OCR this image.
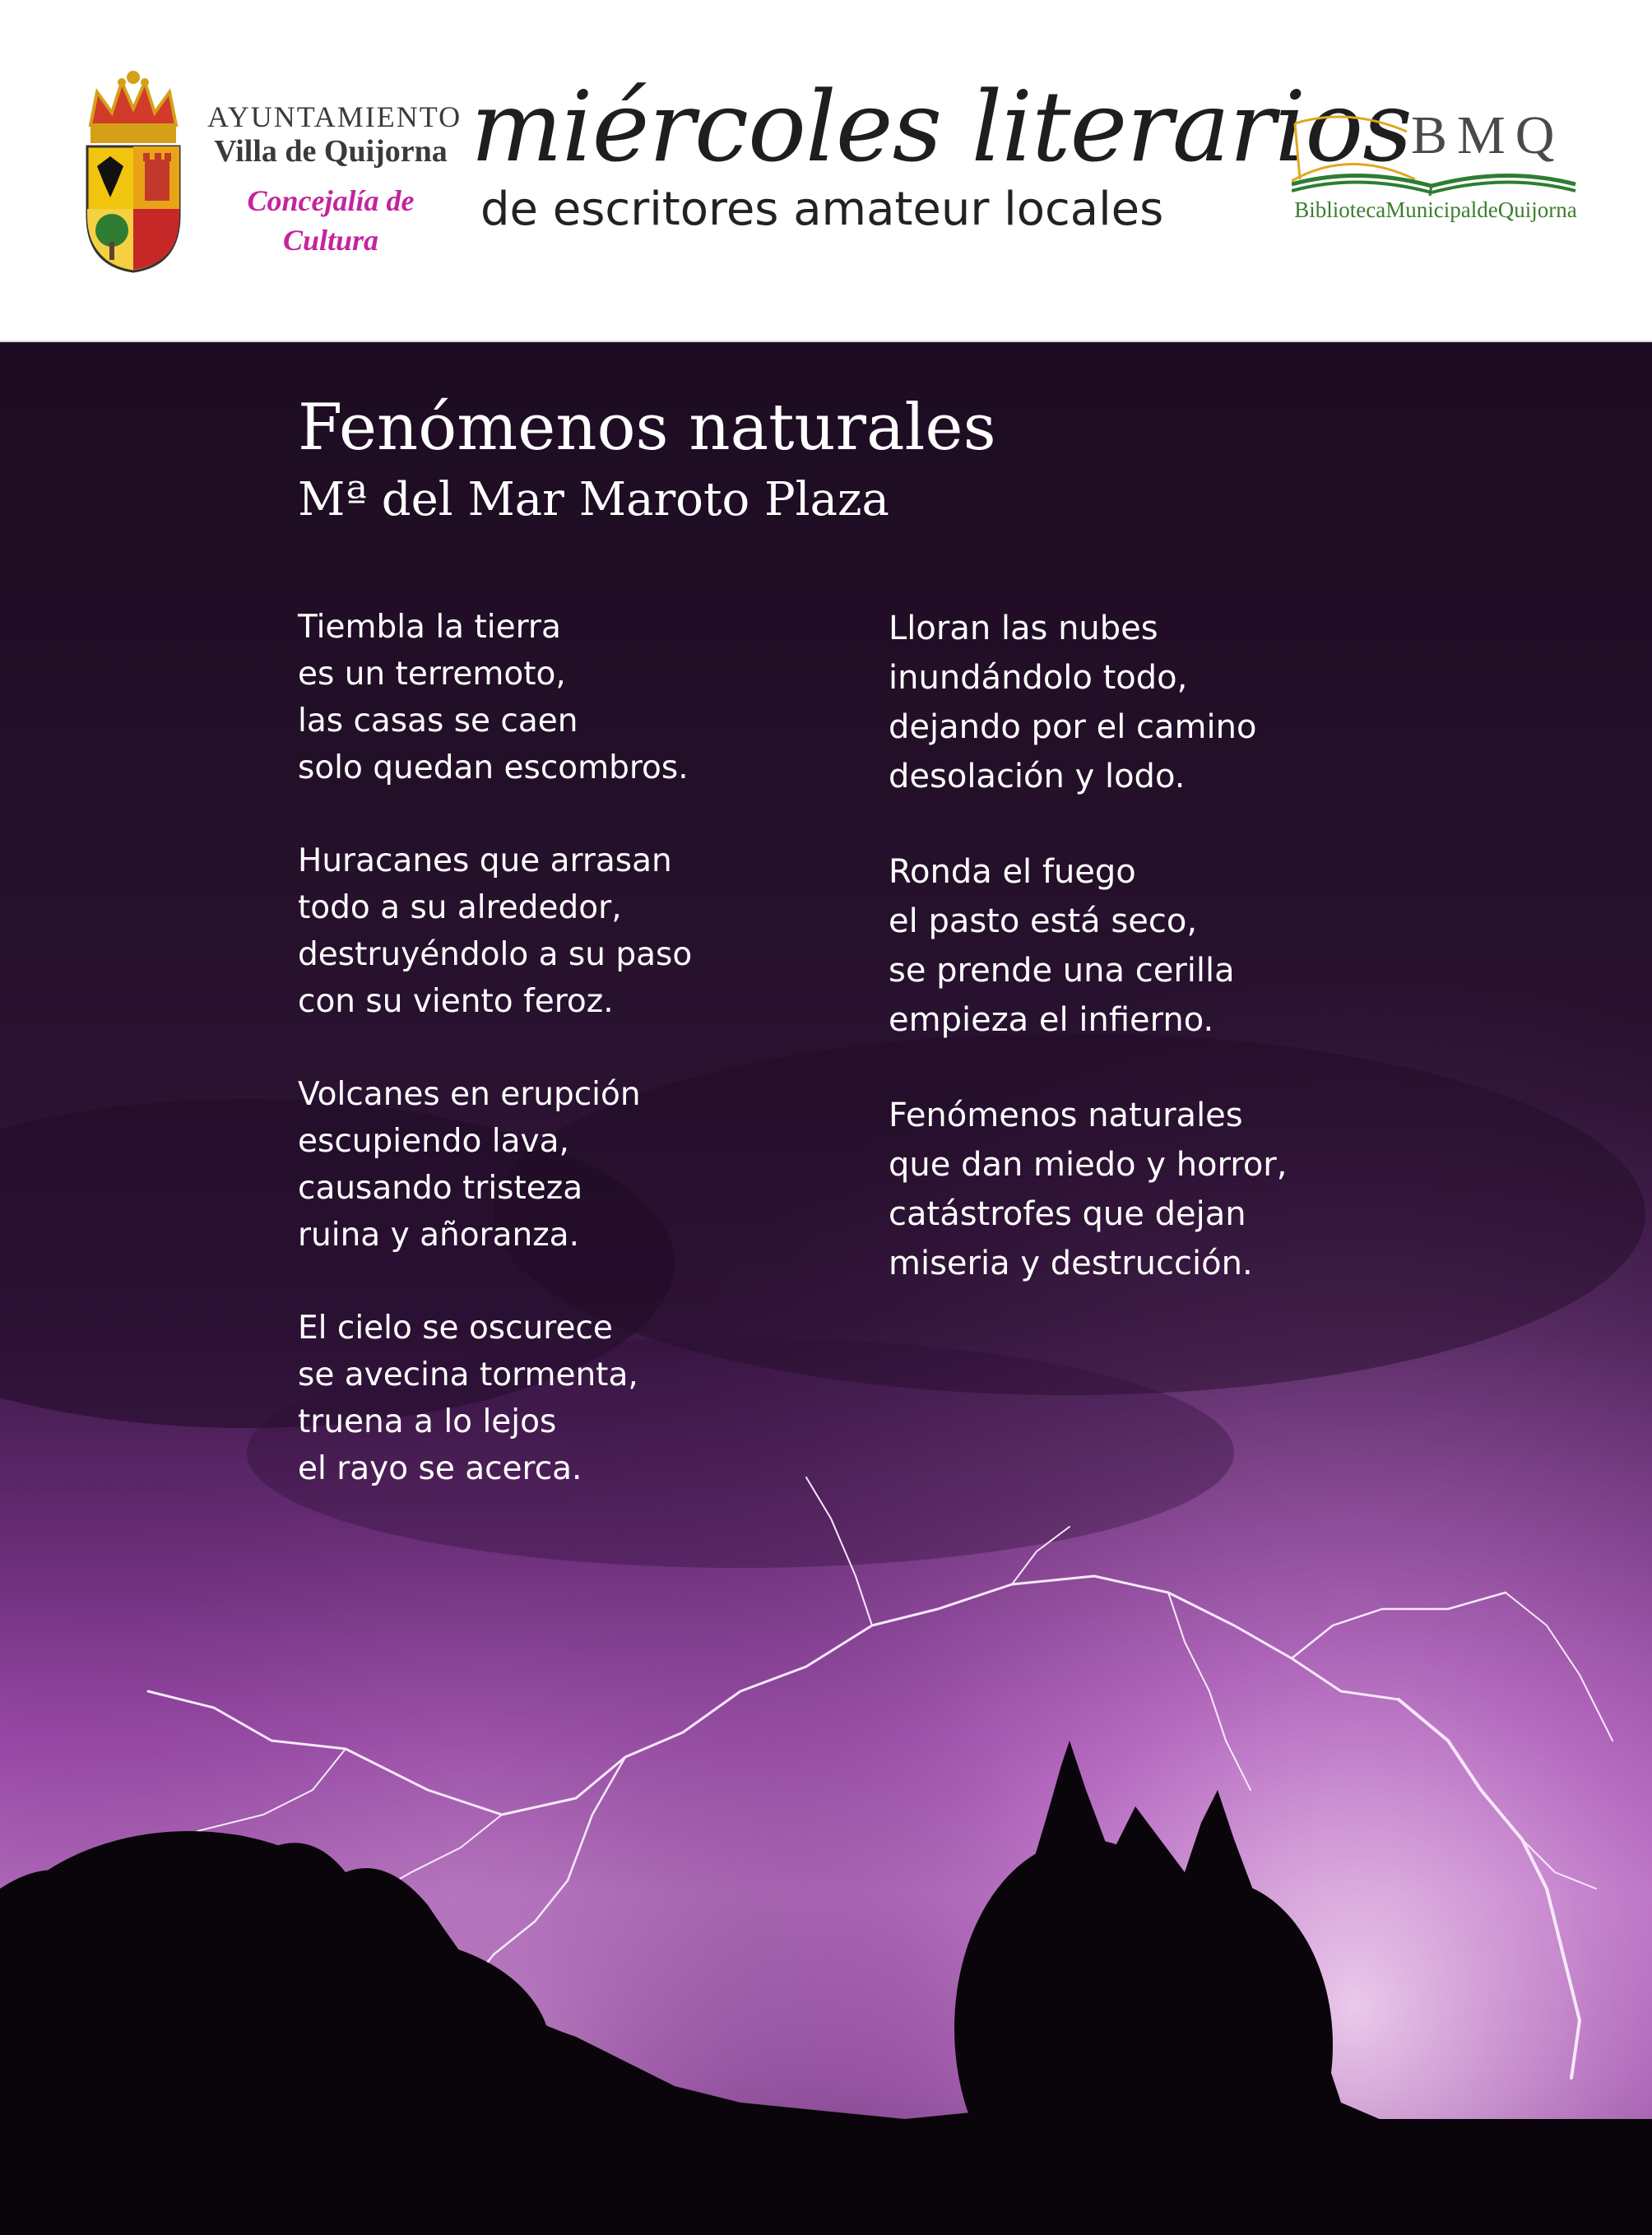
AYUNTAMIENTO
Villa de Quijorna
Concejalía de
Cultura
miércoles literarios
de escritores amateur locales
BMQ
BibliotecaMunicipaldeQuijorna
Fenómenos naturales
Mª del Mar Maroto Plaza
Tiembla la tierra
es un terremoto,
las casas se caen
solo quedan escombros.
Huracanes que arrasan
todo a su alrededor,
destruyéndolo a su paso
con su viento feroz.
Volcanes en erupción
escupiendo lava,
causando tristeza
ruina y añoranza.
El cielo se oscurece
se avecina tormenta,
truena a lo lejos
el rayo se acerca.
Lloran las nubes
inundándolo todo,
dejando por el camino
desolación y lodo.
Ronda el fuego
el pasto está seco,
se prende una cerilla
empieza el infierno.
Fenómenos naturales
que dan miedo y horror,
catástrofes que dejan
miseria y destrucción.
